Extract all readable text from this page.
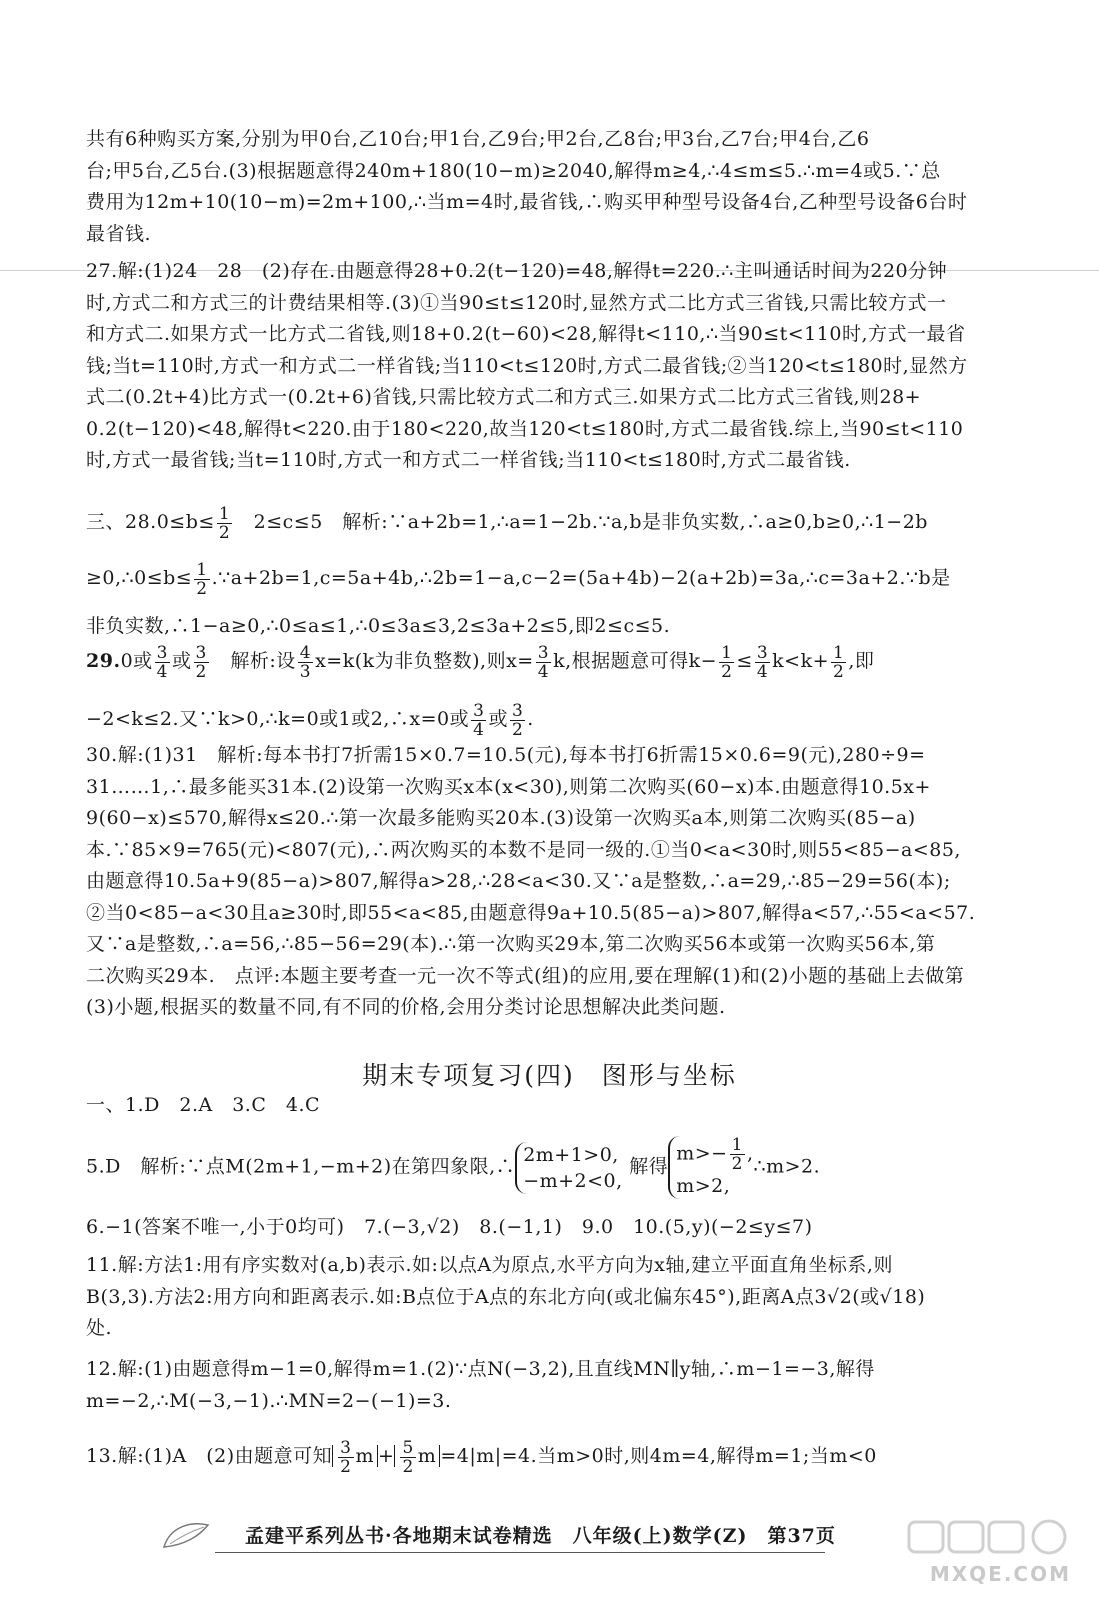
共有6种购买方案,分别为甲0台,乙10台;甲1台,乙9台;甲2台,乙8台;甲3台,乙7台;甲4台,乙6
台;甲5台,乙5台.(3)根据题意得240m+180(10−m)≥2040,解得m≥4,∴4≤m≤5.∴m=4或5.∵总
费用为12m+10(10−m)=2m+100,∴当m=4时,最省钱,∴购买甲种型号设备4台,乙种型号设备6台时
最省钱.
27.解:(1)24　28　(2)存在.由题意得28+0.2(t−120)=48,解得t=220.∴主叫通话时间为220分钟
时,方式二和方式三的计费结果相等.(3)①当90≤t≤120时,显然方式二比方式三省钱,只需比较方式一
和方式二.如果方式一比方式二省钱,则18+0.2(t−60)<28,解得t<110,∴当90≤t<110时,方式一最省
钱;当t=110时,方式一和方式二一样省钱;当110<t≤120时,方式二最省钱;②当120<t≤180时,显然方
式二(0.2t+4)比方式一(0.2t+6)省钱,只需比较方式二和方式三.如果方式二比方式三省钱,则28+
0.2(t−120)<48,解得t<220.由于180<220,故当120<t≤180时,方式二最省钱.综上,当90≤t<110
时,方式一最省钱;当t=110时,方式一和方式二一样省钱;当110<t≤180时,方式二最省钱.
三、$28.0\le b\le \frac{1}{2}$ 　2≤c≤5　解析:∵a+2b=1,∴a=1−2b.∵a,b是非负实数,∴a≥0,b≥0,∴1−2b
≥0,∴0≤b≤ $\frac{1}{2}$ .∵a+2b=1,c=5a+4b,∴2b=1−a,c−2=(5a+4b)−2(a+2b)=3a,∴c=3a+2.∵b是
非负实数,∴1−a≥0,∴0≤a≤1,∴0≤3a≤3,2≤3a+2≤5,即2≤c≤5.
29.0或 $\frac{3}{4}$ 或 $\frac{3}{2}$ 　解析:设 $\frac{4}{3} x=k(k$为非负整数),则$x= \frac{3}{4} k$,根据题意可得$k- \frac{1}{2} \le \frac{3}{4} k<k+ \frac{1}{2}$ ,即
−2<k≤2.又∵k>0,∴k=0或1或2,∴x=0或 $\frac{3}{4}$ 或 $\frac{3}{2}$ .
30.解:(1)31　解析:每本书打7折需15×0.7=10.5(元),每本书打6折需15×0.6=9(元),280÷9=
31……1,∴最多能买31本.(2)设第一次购买x本(x<30),则第二次购买(60−x)本.由题意得10.5x+
9(60−x)≤570,解得x≤20.∴第一次最多能购买20本.(3)设第一次购买a本,则第二次购买(85−a)
本.∵85×9=765(元)<807(元),∴两次购买的本数不是同一级的.①当0<a<30时,则55<85−a<85,
由题意得10.5a+9(85−a)>807,解得a>28,∴28<a<30.又∵a是整数,∴a=29,∴85−29=56(本);
②当0<85−a<30且a≥30时,即55<a<85,由题意得9a+10.5(85−a)>807,解得a<57,∴55<a<57.
又∵a是整数,∴a=56,∴85−56=29(本).∴第一次购买29本,第二次购买56本或第一次购买56本,第
二次购买29本.　点评:本题主要考查一元一次不等式(组)的应用,要在理解(1)和(2)小题的基础上去做第
(3)小题,根据买的数量不同,有不同的价格,会用分类讨论思想解决此类问题.
期末专项复习(四)　图形与坐标
一、1.D　2.A　3.C　4.C
5.D　解析:∵点M(2m+1,−m+2)在第四象限,∴
2m+1>0,
−m+2<0,
解得
$m>- \frac{1}{2}$ ,
m>2,
∴m>2.
6.−1(答案不唯一,小于0均可)　7.(−3,√2)　8.(−1,1)　9.0　10.(5,y)(−2≤y≤7)
11.解:方法1:用有序实数对(a,b)表示.如:以点A为原点,水平方向为x轴,建立平面直角坐标系,则
B(3,3).方法2:用方向和距离表示.如:B点位于A点的东北方向(或北偏东45°),距离A点3√2(或√18)
处.
12.解:(1)由题意得m−1=0,解得m=1.(2)∵点N(−3,2),且直线MN∥y轴,∴m−1=−3,解得
m=−2,∴M(−3,−1).∴MN=2−(−1)=3.
13.解:(1)A　(2)由题意可知 $\frac{3}{2}$ $m + \frac{5}{2}$ m =4|m|=4.当m>0时,则4m=4,解得m=1;当m<0
孟建平系列丛书·各地期末试卷精选　八年级(上)数学(Z)　第37页
MXQE.COM
